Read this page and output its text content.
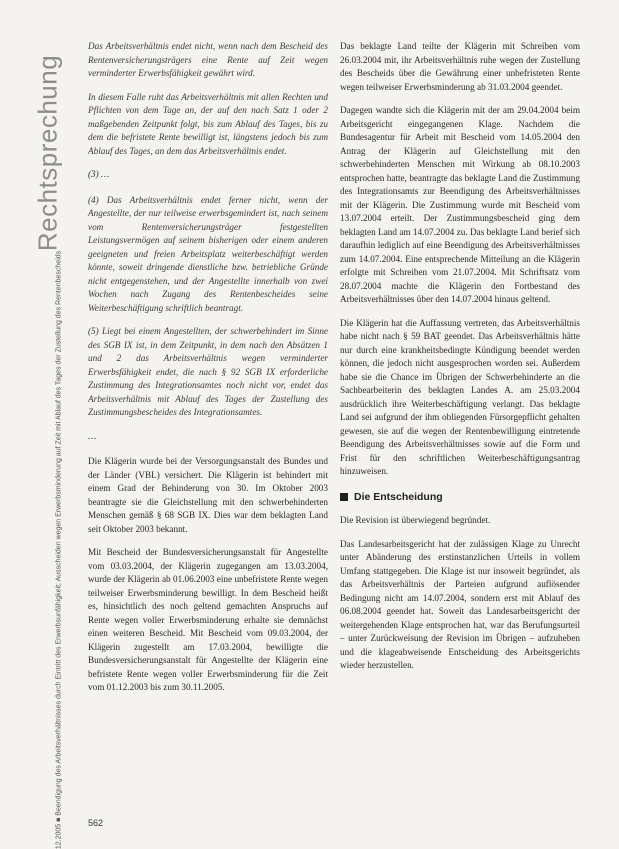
Rechtsprechung
12.2005 ■ Beendigung des Arbeitsverhältnisses durch Eintritt des Erwerbsunfähigkeit; Ausscheiden wegen Erwerbsminderung auf Zeit mit Ablauf des Tages der Zustellung des Rentenbescheids

Das Arbeitsverhältnis endet nicht, wenn nach dem Bescheid des Rentenversicherungsträgers eine Rente auf Zeit wegen verminderter Erwerbsfähigkeit gewährt wird.

In diesem Falle ruht das Arbeitsverhältnis mit allen Rechten und Pflichten von dem Tage an, der auf den nach Satz 1 oder 2 maßgebenden Zeitpunkt folgt, bis zum Ablauf des Tages, bis zu dem die befristete Rente bewilligt ist, längstens jedoch bis zum Ablauf des Tages, an dem das Arbeitsverhältnis endet.

(3) …

(4) Das Arbeitsverhältnis endet ferner nicht, wenn der Angestellte, der nur teilweise erwerbsgemindert ist, nach seinem vom Rentenversicherungsträger festgestellten Leistungsvermögen auf seinem bisherigen oder einem anderen geeigneten und freien Arbeitsplatz weiterbeschäftigt werden könnte, soweit dringende dienstliche bzw. betriebliche Gründe nicht entgegenstehen, und der Angestellte innerhalb von zwei Wochen nach Zugang des Rentenbescheides seine Weiterbeschäftigung schriftlich beantragt.

(5) Liegt bei einem Angestellten, der schwerbehindert im Sinne des SGB IX ist, in dem Zeitpunkt, in dem nach den Absätzen 1 und 2 das Arbeitsverhältnis wegen verminderter Erwerbsfähigkeit endet, die nach § 92 SGB IX erforderliche Zustimmung des Integrationsamtes noch nicht vor, endet das Arbeitsverhältnis mit Ablauf des Tages der Zustellung des Zustimmungsbescheides des Integrationsamtes.

…

Die Klägerin wurde bei der Versorgungsanstalt des Bundes und der Länder (VBL) versichert. Die Klägerin ist behindert mit einem Grad der Behinderung von 30. Im Oktober 2003 beantragte sie die Gleichstellung mit den schwerbehinderten Menschen gemäß § 68 SGB IX. Dies war dem beklagten Land seit Oktober 2003 bekannt.

Mit Bescheid der Bundesversicherungsanstalt für Angestellte vom 03.03.2004, der Klägerin zugegangen am 13.03.2004, wurde der Klägerin ab 01.06.2003 eine unbefristete Rente wegen teilweiser Erwerbsminderung bewilligt. In dem Bescheid heißt es, hinsichtlich des noch geltend gemachten Anspruchs auf Rente wegen voller Erwerbsminderung erhalte sie demnächst einen weiteren Bescheid. Mit Bescheid vom 09.03.2004, der Klägerin zugestellt am 17.03.2004, bewilligte die Bundesversicherungsanstalt für Angestellte der Klägerin eine befristete Rente wegen voller Erwerbsminderung für die Zeit vom 01.12.2003 bis zum 30.11.2005.

Das beklagte Land teilte der Klägerin mit Schreiben vom 26.03.2004 mit, ihr Arbeitsverhältnis ruhe wegen der Zustellung des Bescheids über die Gewährung einer unbefristeten Rente wegen teilweiser Erwerbsminderung ab 31.03.2004 geendet.

Dagegen wandte sich die Klägerin mit der am 29.04.2004 beim Arbeitsgericht eingegangenen Klage. Nachdem die Bundesagentur für Arbeit mit Bescheid vom 14.05.2004 den Antrag der Klägerin auf Gleichstellung mit den schwerbehinderten Menschen mit Wirkung ab 08.10.2003 entsprochen hatte, beantragte das beklagte Land die Zustimmung des Integrationsamts zur Beendigung des Arbeitsverhältnisses mit der Klägerin. Die Zustimmung wurde mit Bescheid vom 13.07.2004 erteilt. Der Zustimmungsbescheid ging dem beklagten Land am 14.07.2004 zu. Das beklagte Land berief sich daraufhin lediglich auf eine Beendigung des Arbeitsverhältnisses zum 14.07.2004. Eine entsprechende Mitteilung an die Klägerin erfolgte mit Schreiben vom 21.07.2004. Mit Schriftsatz vom 28.07.2004 machte die Klägerin den Fortbestand des Arbeitsverhältnisses über den 14.07.2004 hinaus geltend.

Die Klägerin hat die Auffassung vertreten, das Arbeitsverhältnis habe nicht nach § 59 BAT geendet. Das Arbeitsverhältnis hätte nur durch eine krankheitsbedingte Kündigung beendet werden können, die jedoch nicht ausgesprochen worden sei. Außerdem habe sie die Chance im Übrigen der Schwerbehinderte an die Sachbearbeiterin des beklagten Landes A. am 25.03.2004 ausdrücklich ihre Weiterbeschäftigung verlangt. Das beklagte Land sei aufgrund der ihm obliegenden Fürsorgepflicht gehalten gewesen, sie auf die wegen der Rentenbewilligung eintretende Beendigung des Arbeitsverhältnisses sowie auf die Form und Frist für den schriftlichen Weiterbeschäftigungsantrag hinzuweisen.

Die Entscheidung

Die Revision ist überwiegend begründet.

Das Landesarbeitsgericht hat der zulässigen Klage zu Unrecht unter Abänderung des erstinstanzlichen Urteils in vollem Umfang stattgegeben. Die Klage ist nur insoweit begründet, als das Arbeitsverhältnis der Parteien aufgrund auflösender Bedingung nicht am 14.07.2004, sondern erst mit Ablauf des 06.08.2004 geendet hat. Soweit das Landesarbeitsgericht der weitergehenden Klage entsprochen hat, war das Berufungsurteil – unter Zurückweisung der Revision im Übrigen – aufzuheben und die klageabweisende Entscheidung des Arbeitsgerichts wieder herzustellen.

562
